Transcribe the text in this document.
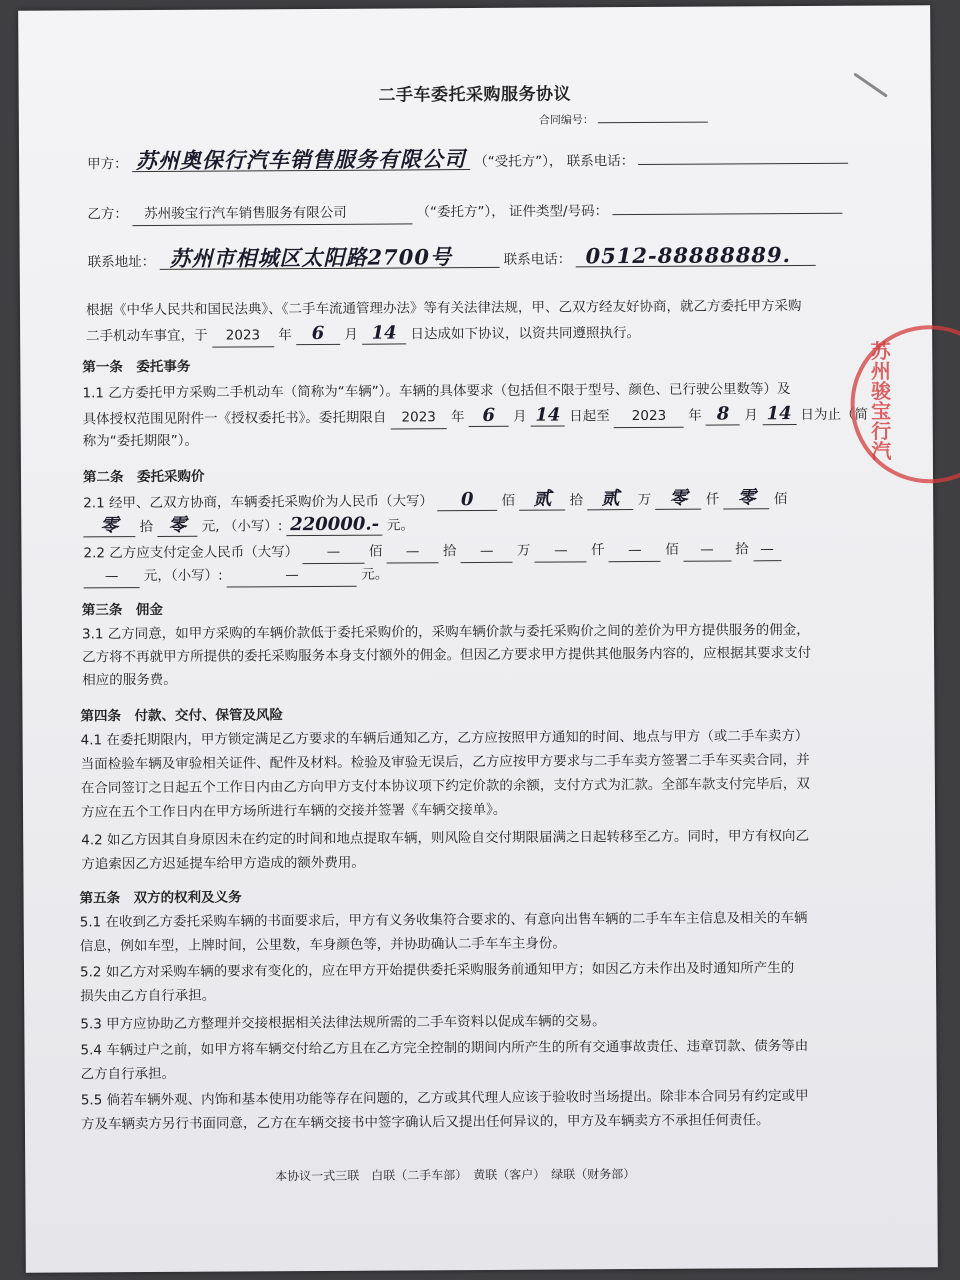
二手车委托采购服务协议
合同编号：
甲方： 苏州奥保行汽车销售服务有限公司 （“受托方”）， 联系电话：
乙方： 苏州骏宝行汽车销售服务有限公司	（“委托方”）， 证件类型/号码：
联系地址： 苏州市相城区太阳路2700号	联系电话： 0512-88888889.
根据《中华人民共和国民法典》、《二手车流通管理办法》等有关法律法规，甲、乙双方经友好协商，就乙方委托甲方采购
二手机动车事宜，于 2023 年 6 月 14 日达成如下协议，以资共同遵照执行。
第一条　委托事务
1.1 乙方委托甲方采购二手机动车（简称为“车辆”）。车辆的具体要求（包括但不限于型号、颜色、已行驶公里数等）及
具体授权范围见附件一《授权委托书》。委托期限自 2023 年 6 月 14 日起至 2023 年 8 月 14 日为止（简
称为“委托期限”）。
第二条　委托采购价
2.1 经甲、乙双方协商，车辆委托采购价为人民币（大写） 0 佰 贰 拾 贰 万 零 仟 零 佰
零 拾 零 元, （小写）: 220000.- 元。
2.2 乙方应支付定金人民币（大写） — 佰 — 拾 — 万 — 仟 — 佰 — 拾 —
— 元，（小写）:	—	元。
第三条　佣金
3.1 乙方同意，如甲方采购的车辆价款低于委托采购价的，采购车辆价款与委托采购价之间的差价为甲方提供服务的佣金，
乙方将不再就甲方所提供的委托采购服务本身支付额外的佣金。但因乙方要求甲方提供其他服务内容的，应根据其要求支付
相应的服务费。
第四条　付款、交付、保管及风险
4.1 在委托期限内，甲方锁定满足乙方要求的车辆后通知乙方，乙方应按照甲方通知的时间、地点与甲方（或二手车卖方）
当面检验车辆及审验相关证件、配件及材料。检验及审验无误后，乙方应按甲方要求与二手车卖方签署二手车买卖合同，并
在合同签订之日起五个工作日内由乙方向甲方支付本协议项下约定价款的余额，支付方式为汇款。全部车款支付完毕后，双
方应在五个工作日内在甲方场所进行车辆的交接并签署《车辆交接单》。
4.2 如乙方因其自身原因未在约定的时间和地点提取车辆，则风险自交付期限届满之日起转移至乙方。同时，甲方有权向乙
方追索因乙方迟延提车给甲方造成的额外费用。
第五条　双方的权利及义务
5.1 在收到乙方委托采购车辆的书面要求后，甲方有义务收集符合要求的、有意向出售车辆的二手车车主信息及相关的车辆
信息，例如车型，上牌时间，公里数，车身颜色等，并协助确认二手车车主身份。
5.2 如乙方对采购车辆的要求有变化的，应在甲方开始提供委托采购服务前通知甲方；如因乙方未作出及时通知所产生的
损失由乙方自行承担。
5.3 甲方应协助乙方整理并交接根据相关法律法规所需的二手车资料以促成车辆的交易。
5.4 车辆过户之前，如甲方将车辆交付给乙方且在乙方完全控制的期间内所产生的所有交通事故责任、违章罚款、债务等由
乙方自行承担。
5.5 倘若车辆外观、内饰和基本使用功能等存在问题的，乙方或其代理人应该于验收时当场提出。除非本合同另有约定或甲
方及车辆卖方另行书面同意，乙方在车辆交接书中签字确认后又提出任何异议的，甲方及车辆卖方不承担任何责任。
本协议一式三联　白联（二手车部）　黄联（客户）　绿联（财务部）
苏州骏宝行汽
